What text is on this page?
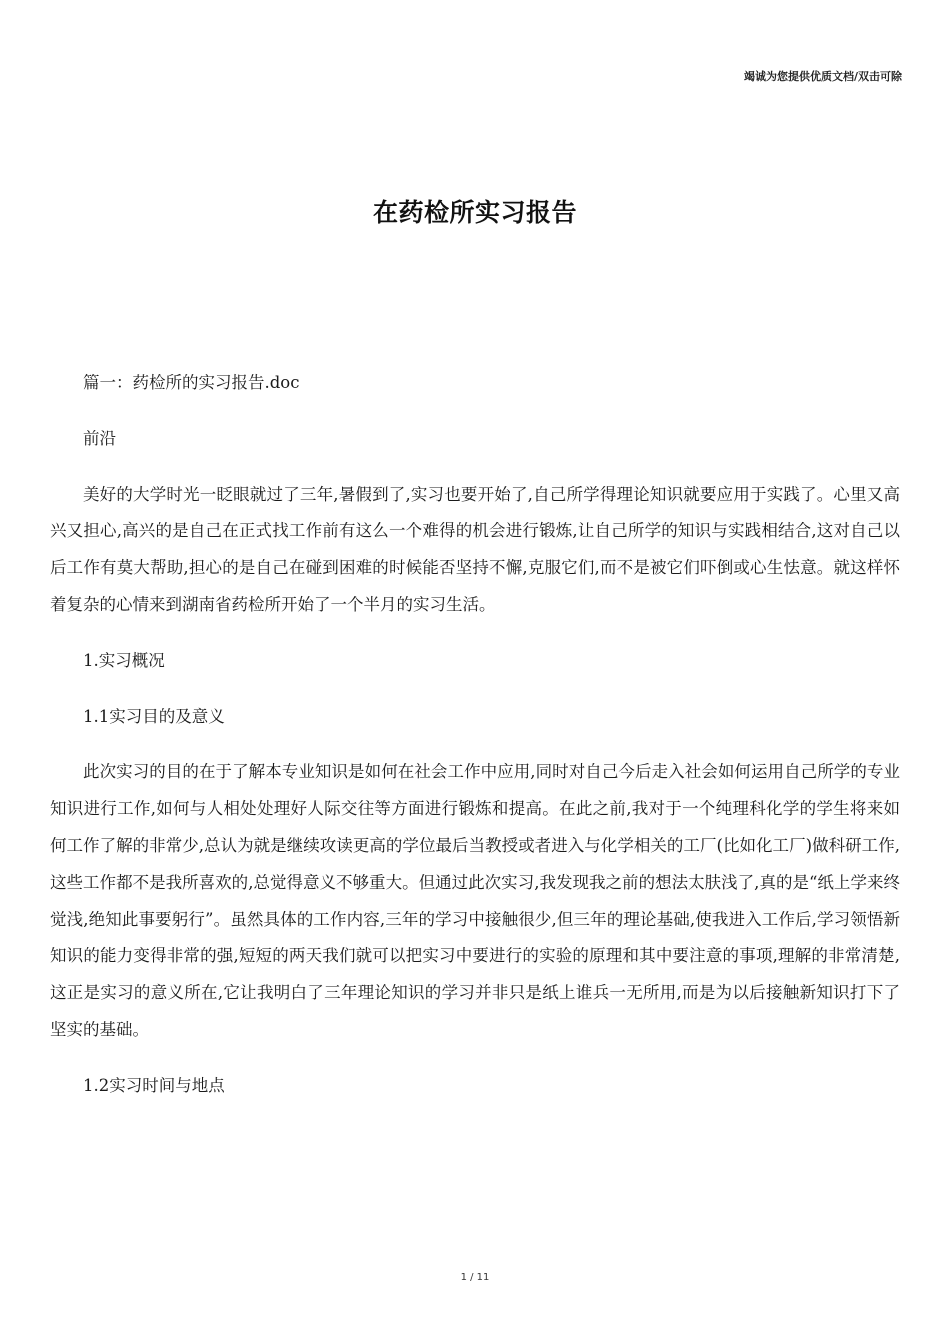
竭诚为您提供优质文档/双击可除
在药检所实习报告

篇一：药检所的实习报告.doc

前沿

美好的大学时光一眨眼就过了三年,暑假到了,实习也要开始了,自己所学得理论知识就要应用于实践了。心里又高兴又担心,高兴的是自己在正式找工作前有这么一个难得的机会进行锻炼,让自己所学的知识与实践相结合,这对自己以后工作有莫大帮助,担心的是自己在碰到困难的时候能否坚持不懈,克服它们,而不是被它们吓倒或心生怯意。就这样怀着复杂的心情来到湖南省药检所开始了一个半月的实习生活。

1.实习概况

1.1实习目的及意义

此次实习的目的在于了解本专业知识是如何在社会工作中应用,同时对自己今后走入社会如何运用自己所学的专业知识进行工作,如何与人相处处理好人际交往等方面进行锻炼和提高。在此之前,我对于一个纯理科化学的学生将来如何工作了解的非常少,总认为就是继续攻读更高的学位最后当教授或者进入与化学相关的工厂(比如化工厂)做科研工作,这些工作都不是我所喜欢的,总觉得意义不够重大。但通过此次实习,我发现我之前的想法太肤浅了,真的是“纸上学来终觉浅,绝知此事要躬行”。虽然具体的工作内容,三年的学习中接触很少,但三年的理论基础,使我进入工作后,学习领悟新知识的能力变得非常的强,短短的两天我们就可以把实习中要进行的实验的原理和其中要注意的事项,理解的非常清楚,这正是实习的意义所在,它让我明白了三年理论知识的学习并非只是纸上谁兵一无所用,而是为以后接触新知识打下了坚实的基础。

1.2实习时间与地点

1 / 11
